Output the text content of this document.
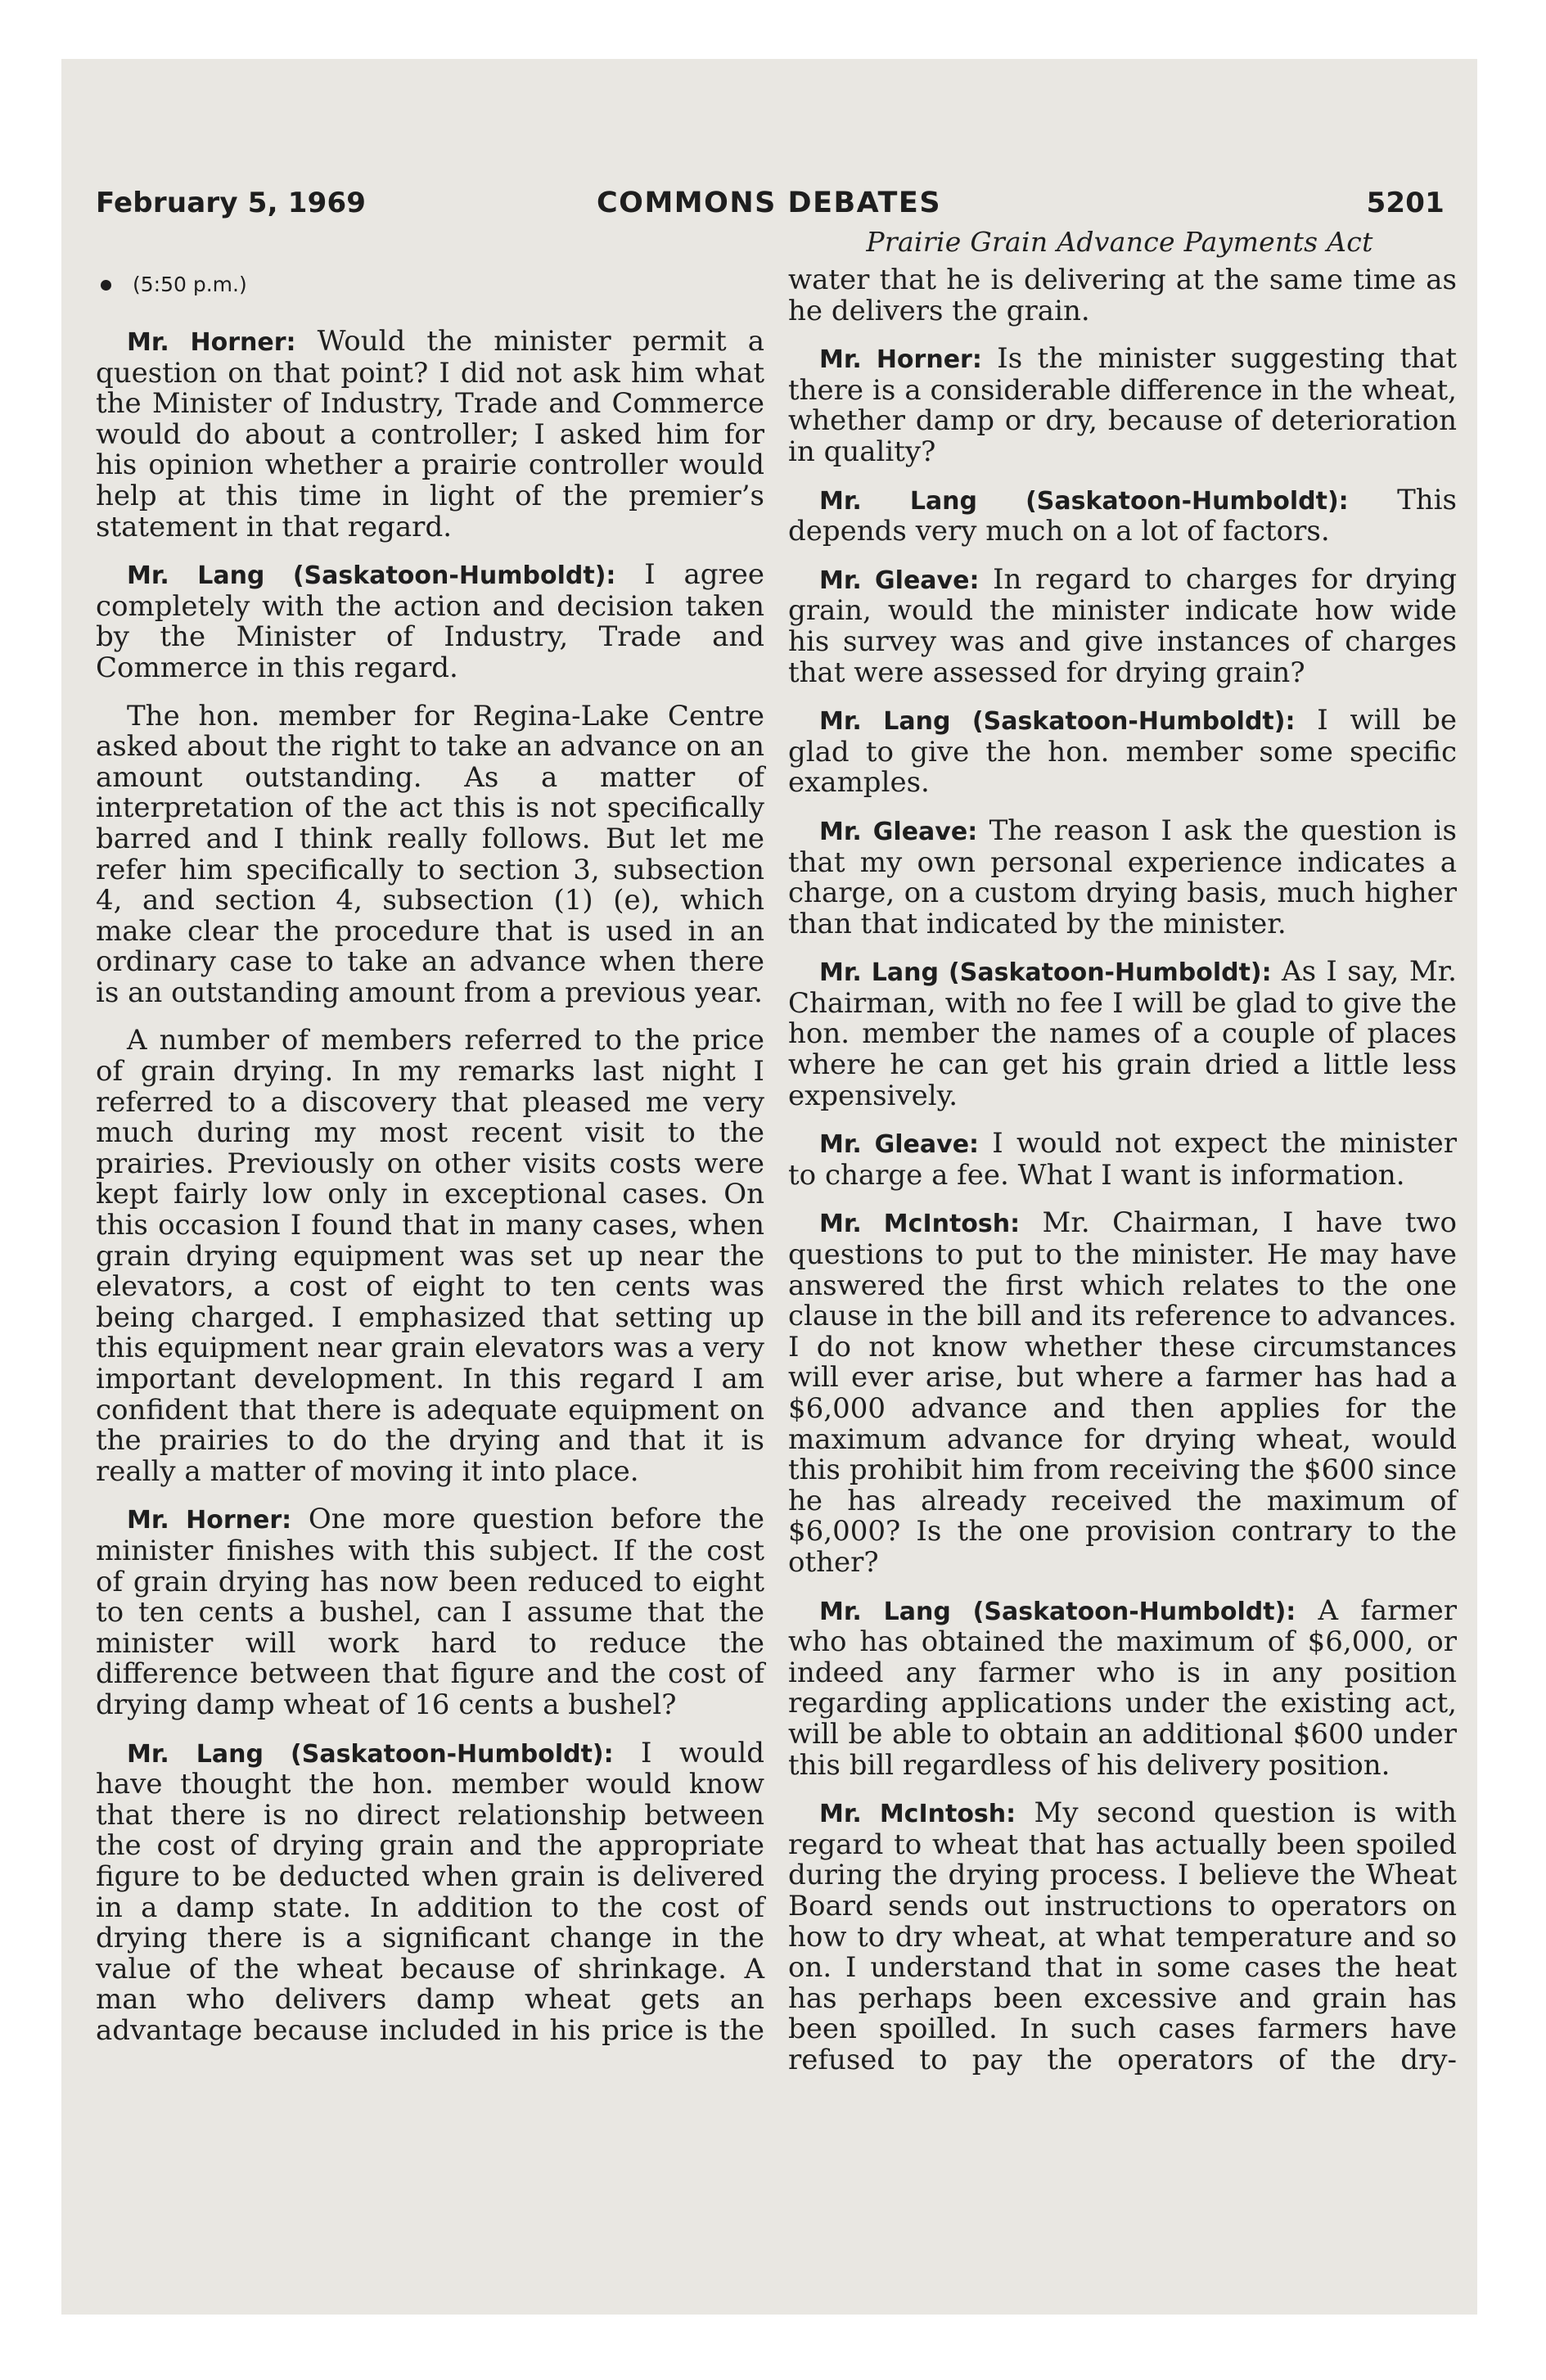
February 5, 1969	COMMONS DEBATES	5201
Prairie Grain Advance Payments Act
(5:50 p.m.)

Mr. Horner: Would the minister permit a question on that point? I did not ask him what the Minister of Industry, Trade and Commerce would do about a controller; I asked him for his opinion whether a prairie controller would help at this time in light of the premier’s statement in that regard.

Mr. Lang (Saskatoon-Humboldt): I agree completely with the action and decision taken by the Minister of Industry, Trade and Commerce in this regard.

The hon. member for Regina-Lake Centre asked about the right to take an advance on an amount outstanding. As a matter of interpretation of the act this is not specifically barred and I think really follows. But let me refer him specifically to section 3, subsection 4, and section 4, subsection (1) (e), which make clear the procedure that is used in an ordinary case to take an advance when there is an outstanding amount from a previous year.

A number of members referred to the price of grain drying. In my remarks last night I referred to a discovery that pleased me very much during my most recent visit to the prairies. Previously on other visits costs were kept fairly low only in exceptional cases. On this occasion I found that in many cases, when grain drying equipment was set up near the elevators, a cost of eight to ten cents was being charged. I emphasized that setting up this equipment near grain elevators was a very important development. In this regard I am confident that there is adequate equipment on the prairies to do the drying and that it is really a matter of moving it into place.

Mr. Horner: One more question before the minister finishes with this subject. If the cost of grain drying has now been reduced to eight to ten cents a bushel, can I assume that the minister will work hard to reduce the difference between that figure and the cost of drying damp wheat of 16 cents a bushel?

Mr. Lang (Saskatoon-Humboldt): I would have thought the hon. member would know that there is no direct relationship between the cost of drying grain and the appropriate figure to be deducted when grain is delivered in a damp state. In addition to the cost of drying there is a significant change in the value of the wheat because of shrinkage. A man who delivers damp wheat gets an advantage because included in his price is the

water that he is delivering at the same time as he delivers the grain.

Mr. Horner: Is the minister suggesting that there is a considerable difference in the wheat, whether damp or dry, because of deterioration in quality?

Mr. Lang (Saskatoon-Humboldt): This depends very much on a lot of factors.

Mr. Gleave: In regard to charges for drying grain, would the minister indicate how wide his survey was and give instances of charges that were assessed for drying grain?

Mr. Lang (Saskatoon-Humboldt): I will be glad to give the hon. member some specific examples.

Mr. Gleave: The reason I ask the question is that my own personal experience indicates a charge, on a custom drying basis, much higher than that indicated by the minister.

Mr. Lang (Saskatoon-Humboldt): As I say, Mr. Chairman, with no fee I will be glad to give the hon. member the names of a couple of places where he can get his grain dried a little less expensively.

Mr. Gleave: I would not expect the minister to charge a fee. What I want is information.

Mr. McIntosh: Mr. Chairman, I have two questions to put to the minister. He may have answered the first which relates to the one clause in the bill and its reference to advances. I do not know whether these circumstances will ever arise, but where a farmer has had a $6,000 advance and then applies for the maximum advance for drying wheat, would this prohibit him from receiving the $600 since he has already received the maximum of $6,000? Is the one provision contrary to the other?

Mr. Lang (Saskatoon-Humboldt): A farmer who has obtained the maximum of $6,000, or indeed any farmer who is in any position regarding applications under the existing act, will be able to obtain an additional $600 under this bill regardless of his delivery position.

Mr. McIntosh: My second question is with regard to wheat that has actually been spoiled during the drying process. I believe the Wheat Board sends out instructions to operators on how to dry wheat, at what temperature and so on. I understand that in some cases the heat has perhaps been excessive and grain has been spoilled. In such cases farmers have refused to pay the operators of the dry-
